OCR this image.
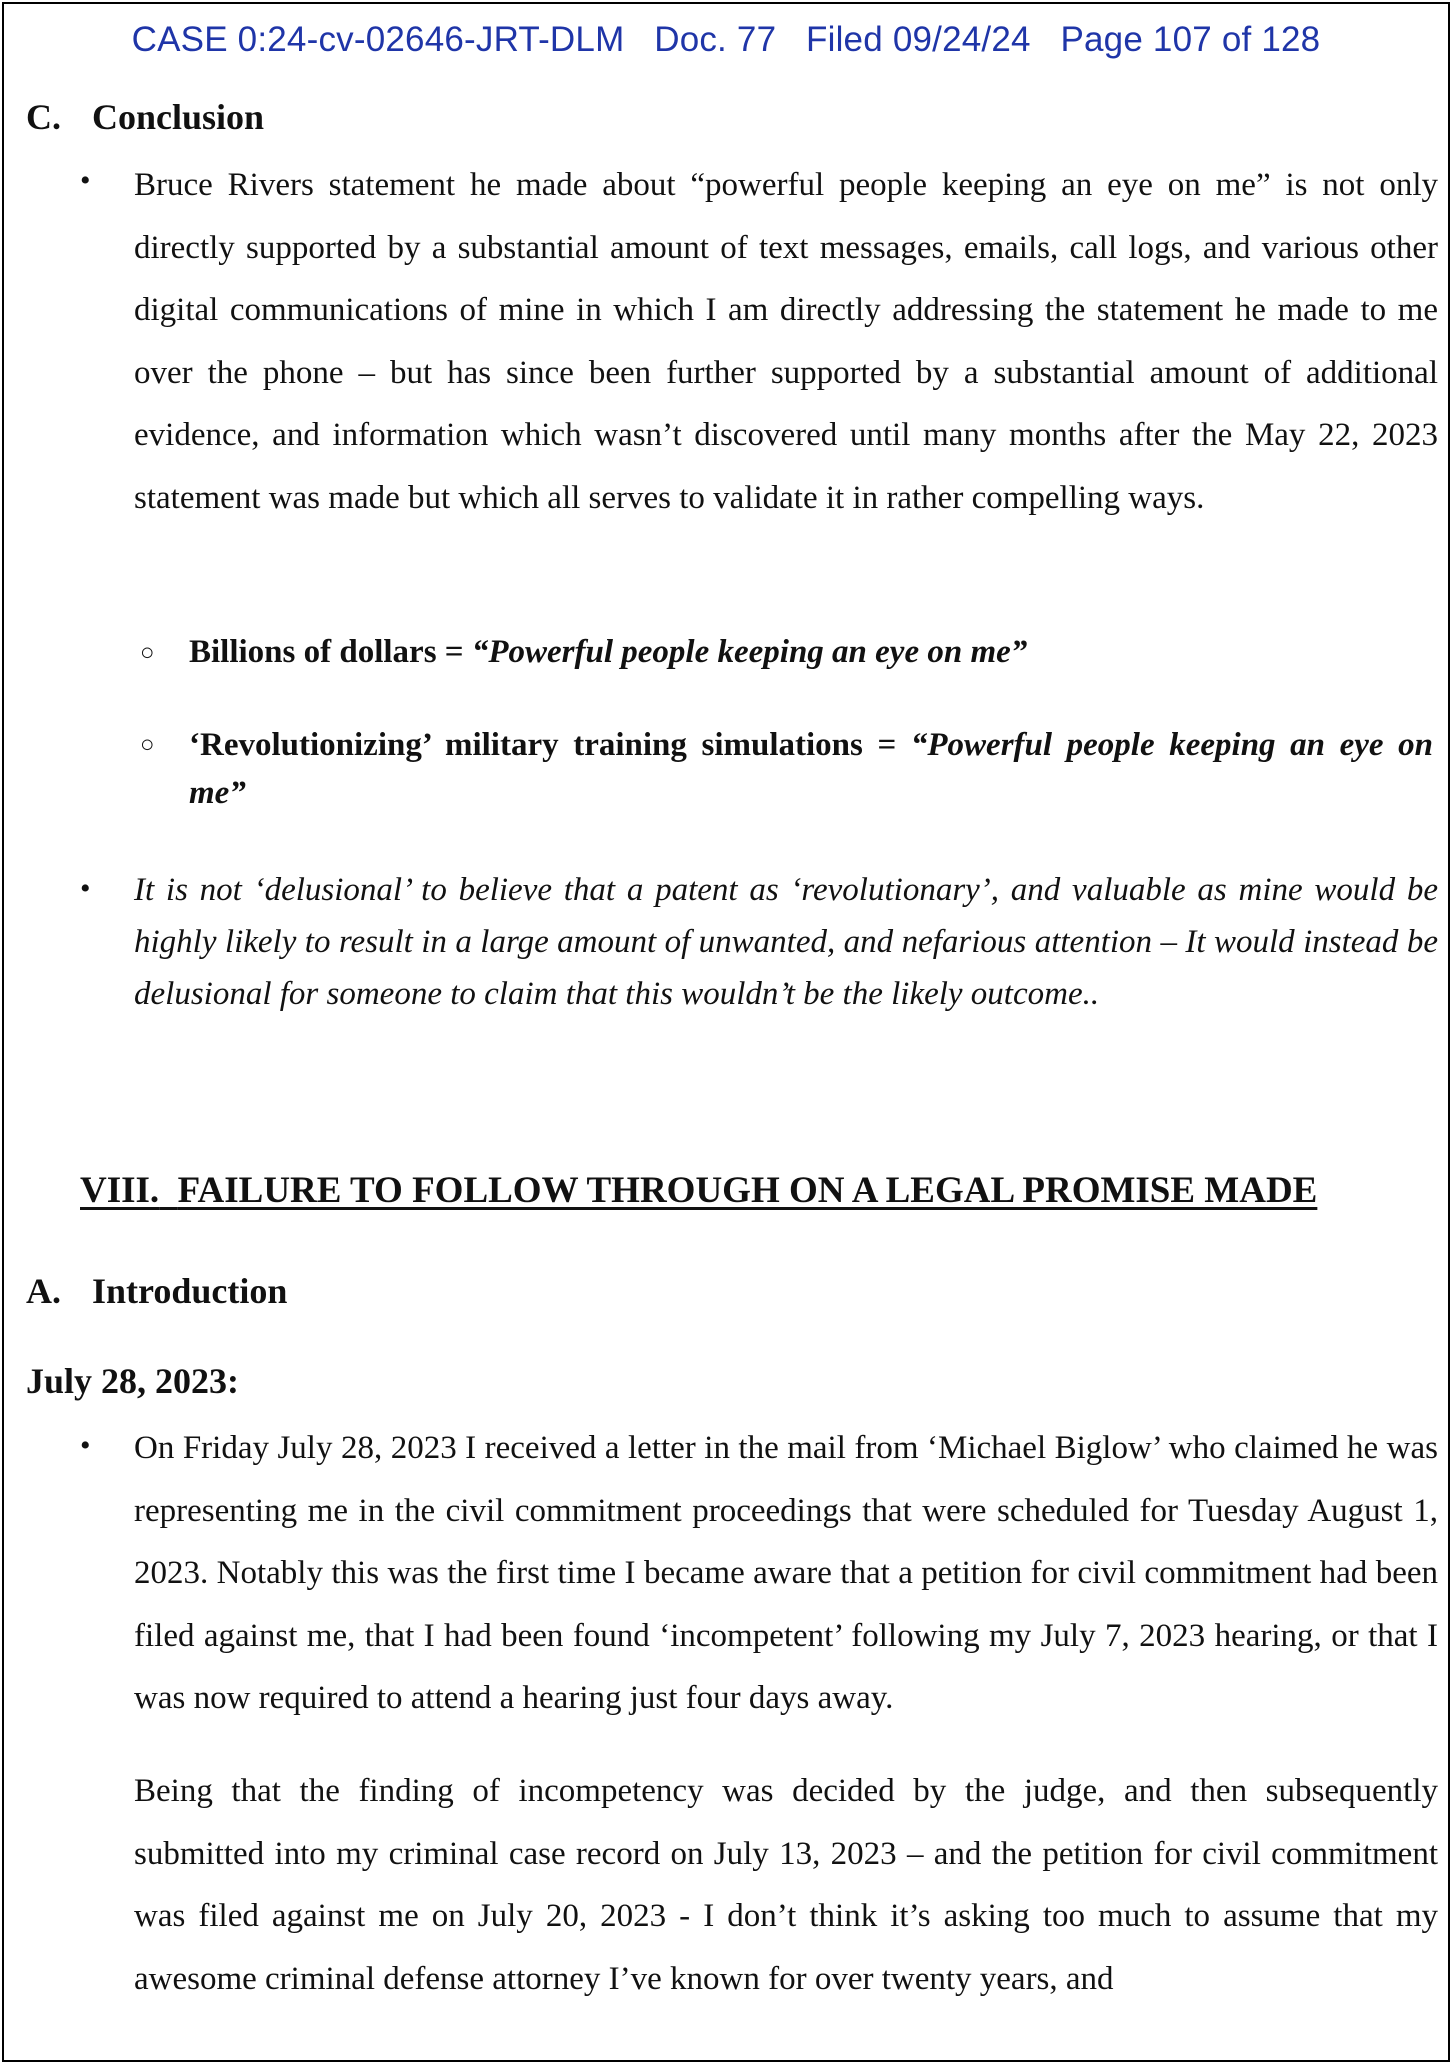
CASE 0:24-cv-02646-JRT-DLM Doc. 77 Filed 09/24/24 Page 107 of 128
C. Conclusion
• Bruce Rivers statement he made about “powerful people keeping an eye on me” is not only directly supported by a substantial amount of text messages, emails, call logs, and various other digital communications of mine in which I am directly addressing the statement he made to me over the phone – but has since been further supported by a substantial amount of additional evidence, and information which wasn’t discovered until many months after the May 22, 2023 statement was made but which all serves to validate it in rather compelling ways.
○ Billions of dollars = “Powerful people keeping an eye on me”
○ ‘Revolutionizing’ military training simulations = “Powerful people keeping an eye on me”
• It is not ‘delusional’ to believe that a patent as ‘revolutionary’, and valuable as mine would be highly likely to result in a large amount of unwanted, and nefarious attention – It would instead be delusional for someone to claim that this wouldn’t be the likely outcome..
VIII. FAILURE TO FOLLOW THROUGH ON A LEGAL PROMISE MADE
A. Introduction
July 28, 2023:
• On Friday July 28, 2023 I received a letter in the mail from ‘Michael Biglow’ who claimed he was representing me in the civil commitment proceedings that were scheduled for Tuesday August 1, 2023. Notably this was the first time I became aware that a petition for civil commitment had been filed against me, that I had been found ‘incompetent’ following my July 7, 2023 hearing, or that I was now required to attend a hearing just four days away.
Being that the finding of incompetency was decided by the judge, and then subsequently submitted into my criminal case record on July 13, 2023 – and the petition for civil commitment was filed against me on July 20, 2023 - I don’t think it’s asking too much to assume that my awesome criminal defense attorney I’ve known for over twenty years, and
